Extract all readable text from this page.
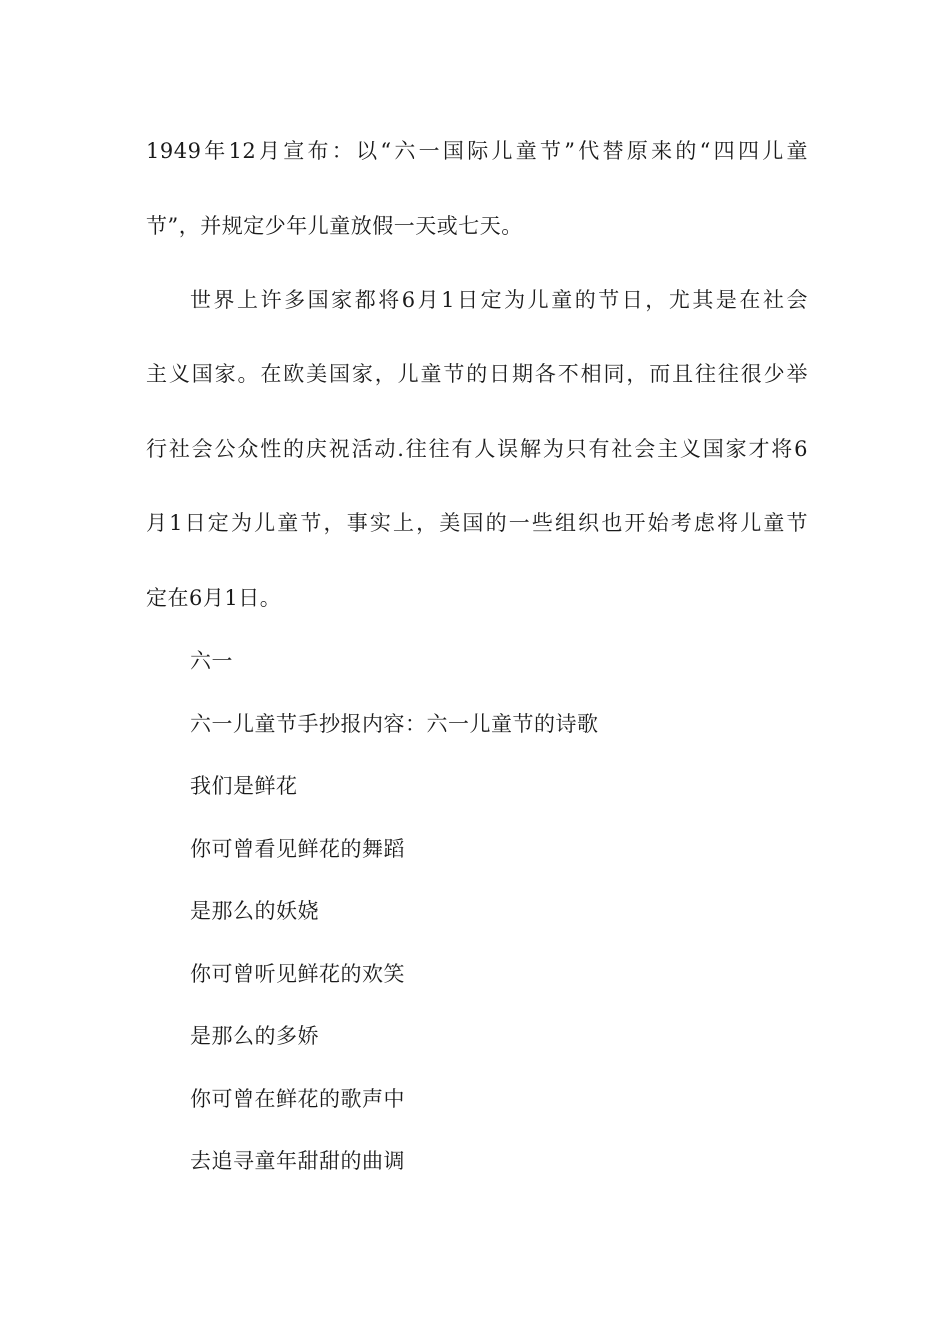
1949年12月宣布：以“六一国际儿童节”代替原来的“四四儿童
节”，并规定少年儿童放假一天或七天。
世界上许多国家都将6月1日定为儿童的节日，尤其是在社会
主义国家。在欧美国家，儿童节的日期各不相同，而且往往很少举
行社会公众性的庆祝活动.往往有人误解为只有社会主义国家才将6
月1日定为儿童节，事实上，美国的一些组织也开始考虑将儿童节
定在6月1日。
六一
六一儿童节手抄报内容：六一儿童节的诗歌
我们是鲜花
你可曾看见鲜花的舞蹈
是那么的妖娆
你可曾听见鲜花的欢笑
是那么的多娇
你可曾在鲜花的歌声中
去追寻童年甜甜的曲调
